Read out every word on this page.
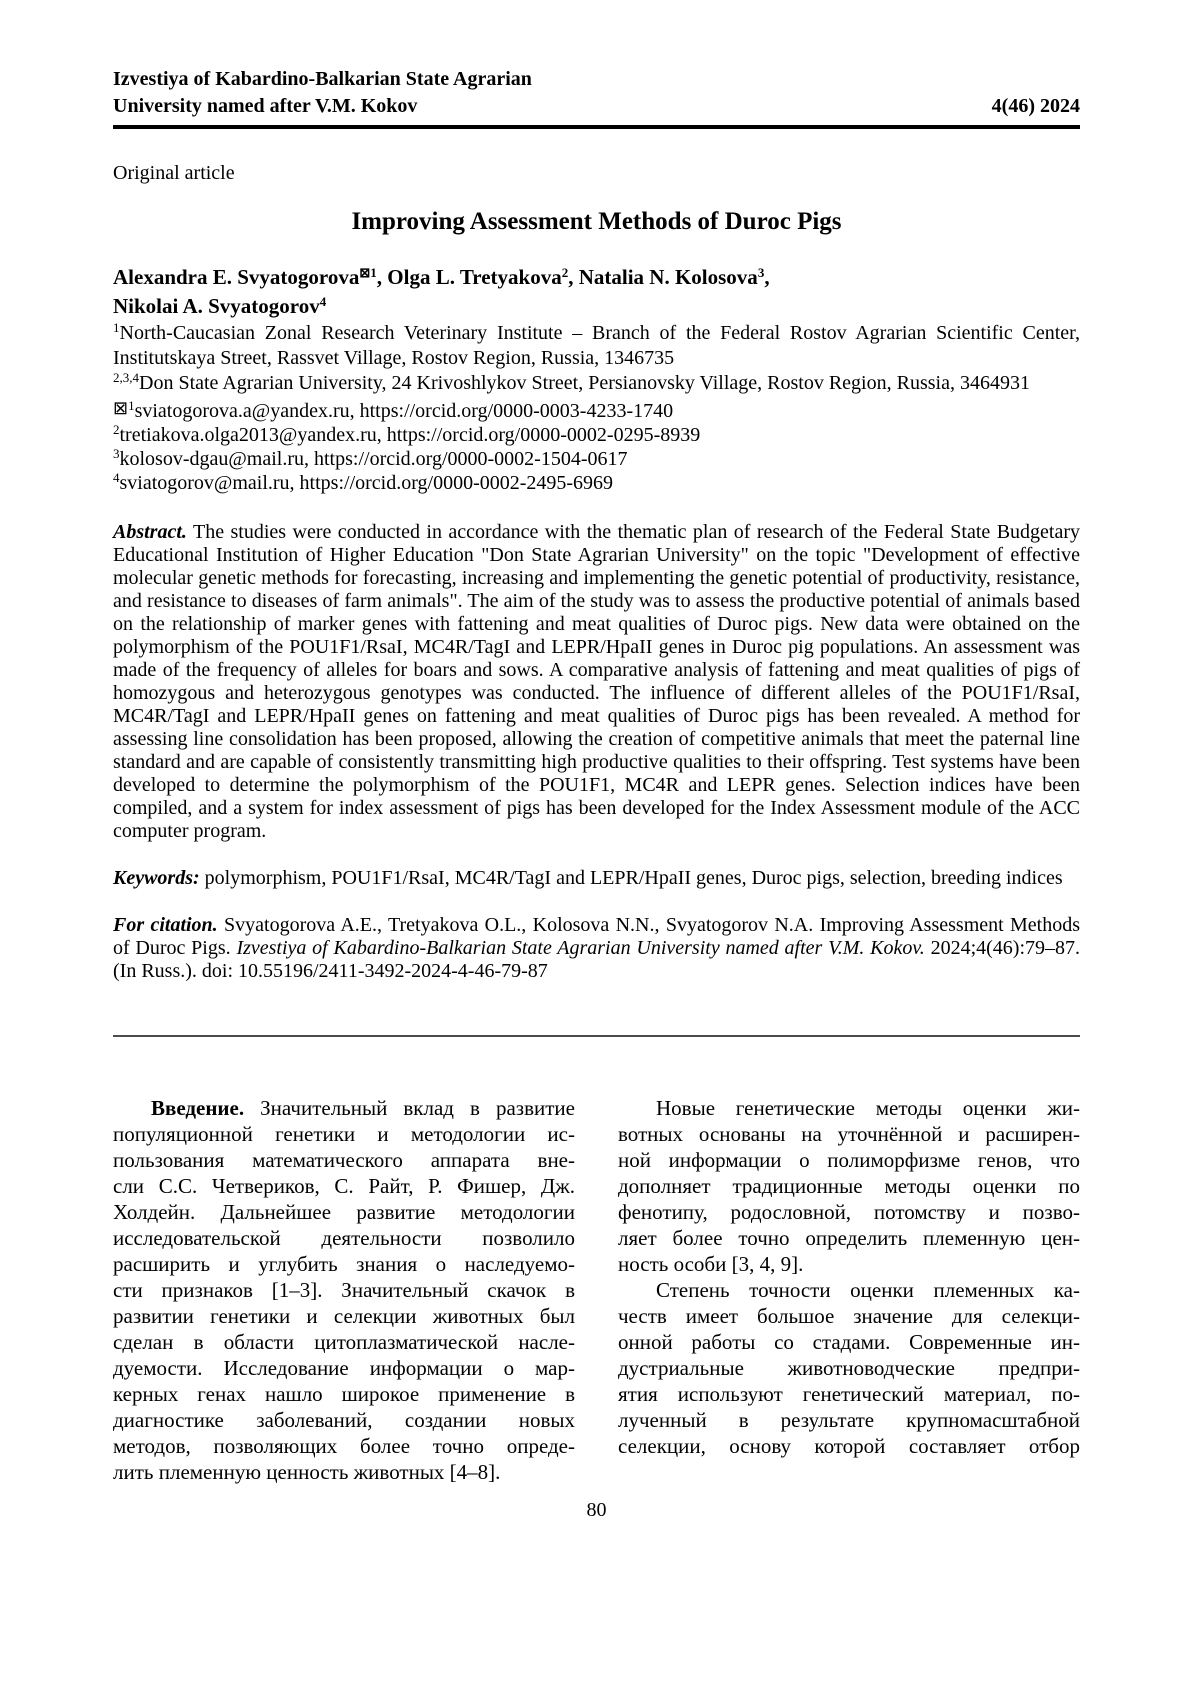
Izvestiya of Kabardino-Balkarian State Agrarian
University named after V.M. Kokov	4(46) 2024
Original article
Improving Assessment Methods of Duroc Pigs
Alexandra E. Svyatogorova$^{⊠1}$, Olga L. Tretyakova$^2$, Natalia N. Kolosova$^3$,
Nikolai A. Svyatogorov$^4$
$^1$North-Caucasian Zonal Research Veterinary Institute – Branch of the Federal Rostov Agrarian Scientific Center, Institutskaya Street, Rassvet Village, Rostov Region, Russia, 1346735
$^{2,3,4}$Don State Agrarian University, 24 Krivoshlykov Street, Persianovsky Village, Rostov Region, Russia, 3464931
⊠$^1$sviatogorova.a@yandex.ru, https://orcid.org/0000-0003-4233-1740
$^2$tretiakova.olga2013@yandex.ru, https://orcid.org/0000-0002-0295-8939
$^3$kolosov-dgau@mail.ru, https://orcid.org/0000-0002-1504-0617
$^4$sviatogorov@mail.ru, https://orcid.org/0000-0002-2495-6969
Abstract. The studies were conducted in accordance with the thematic plan of research of the Federal State Budgetary Educational Institution of Higher Education "Don State Agrarian University" on the topic "Development of effective molecular genetic methods for forecasting, increasing and implementing the genetic potential of productivity, resistance, and resistance to diseases of farm animals". The aim of the study was to assess the productive potential of animals based on the relationship of marker genes with fattening and meat qualities of Duroc pigs. New data were obtained on the polymorphism of the POU1F1/RsaI, MC4R/TagI and LEPR/HpaII genes in Duroc pig populations. An assessment was made of the frequency of alleles for boars and sows. A comparative analysis of fattening and meat qualities of pigs of homozygous and heterozygous genotypes was conducted. The influence of different alleles of the POU1F1/RsaI, MC4R/TagI and LEPR/HpaII genes on fattening and meat qualities of Duroc pigs has been revealed. A method for assessing line consolidation has been proposed, allowing the creation of competitive animals that meet the paternal line standard and are capable of consistently transmitting high productive qualities to their offspring. Test systems have been developed to determine the polymorphism of the POU1F1, MC4R and LEPR genes. Selection indices have been compiled, and a system for index assessment of pigs has been developed for the Index Assessment module of the ACC computer program.
Keywords: polymorphism, POU1F1/RsaI, MC4R/TagI and LEPR/HpaII genes, Duroc pigs, selection, breeding indices
For citation. Svyatogorova A.E., Tretyakova O.L., Kolosova N.N., Svyatogorov N.A. Improving Assessment Methods of Duroc Pigs. Izvestiya of Kabardino-Balkarian State Agrarian University named after V.M. Kokov. 2024;4(46):79–87. (In Russ.). doi: 10.55196/2411-3492-2024-4-46-79-87
Введение. Значительный вклад в развитие
популяционной генетики и методологии ис-
пользования математического аппарата вне-
сли С.С. Четвериков, С. Райт, Р. Фишер, Дж.
Холдейн. Дальнейшее развитие методологии
исследовательской деятельности позволило
расширить и углубить знания о наследуемо-
сти признаков [1–3]. Значительный скачок в
развитии генетики и селекции животных был
сделан в области цитоплазматической насле-
дуемости. Исследование информации о мар-
керных генах нашло широкое применение в
диагностике заболеваний, создании новых
методов, позволяющих более точно опреде-
лить племенную ценность животных [4–8].
Новые генетические методы оценки жи-
вотных основаны на уточнённой и расширен-
ной информации о полиморфизме генов, что
дополняет традиционные методы оценки по
фенотипу, родословной, потомству и позво-
ляет более точно определить племенную цен-
ность особи [3, 4, 9].
Степень точности оценки племенных ка-
честв имеет большое значение для селекци-
онной работы со стадами. Современные ин-
дустриальные животноводческие предпри-
ятия используют генетический материал, по-
лученный в результате крупномасштабной
селекции, основу которой составляет отбор
80
